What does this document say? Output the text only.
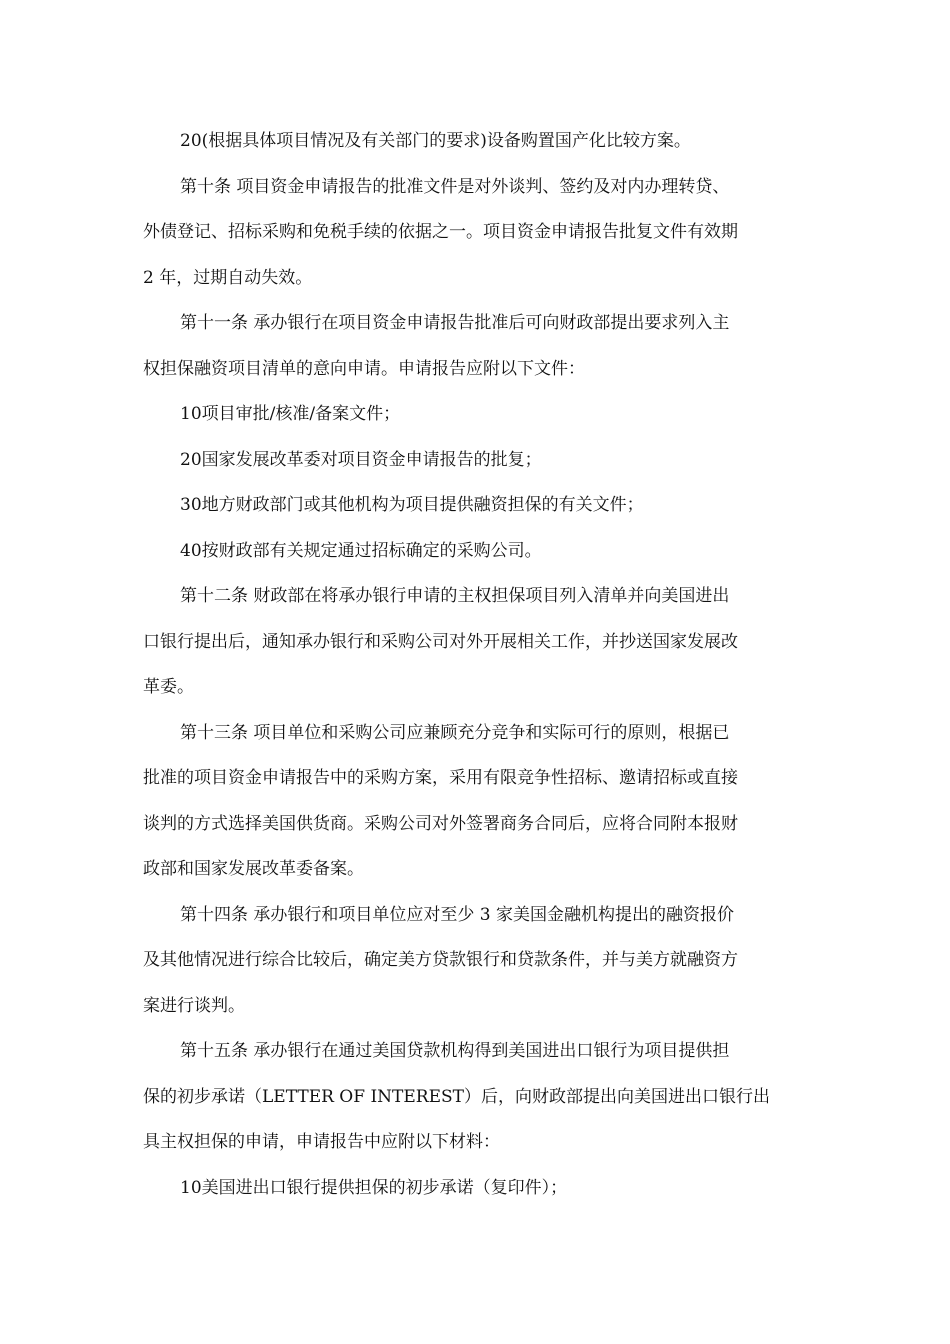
20(根据具体项目情况及有关部门的要求)设备购置国产化比较方案。

第十条 项目资金申请报告的批准文件是对外谈判、签约及对内办理转贷、
外债登记、招标采购和免税手续的依据之一。项目资金申请报告批复文件有效期
2 年，过期自动失效。

第十一条 承办银行在项目资金申请报告批准后可向财政部提出要求列入主
权担保融资项目清单的意向申请。申请报告应附以下文件：

10项目审批/核准/备案文件；

20国家发展改革委对项目资金申请报告的批复；

30地方财政部门或其他机构为项目提供融资担保的有关文件；

40按财政部有关规定通过招标确定的采购公司。

第十二条 财政部在将承办银行申请的主权担保项目列入清单并向美国进出
口银行提出后，通知承办银行和采购公司对外开展相关工作，并抄送国家发展改
革委。

第十三条 项目单位和采购公司应兼顾充分竞争和实际可行的原则，根据已
批准的项目资金申请报告中的采购方案，采用有限竞争性招标、邀请招标或直接
谈判的方式选择美国供货商。采购公司对外签署商务合同后，应将合同附本报财
政部和国家发展改革委备案。

第十四条 承办银行和项目单位应对至少 3 家美国金融机构提出的融资报价
及其他情况进行综合比较后，确定美方贷款银行和贷款条件，并与美方就融资方
案进行谈判。

第十五条 承办银行在通过美国贷款机构得到美国进出口银行为项目提供担
保的初步承诺（LETTER OF INTEREST）后，向财政部提出向美国进出口银行出
具主权担保的申请，申请报告中应附以下材料：

10美国进出口银行提供担保的初步承诺（复印件）；
